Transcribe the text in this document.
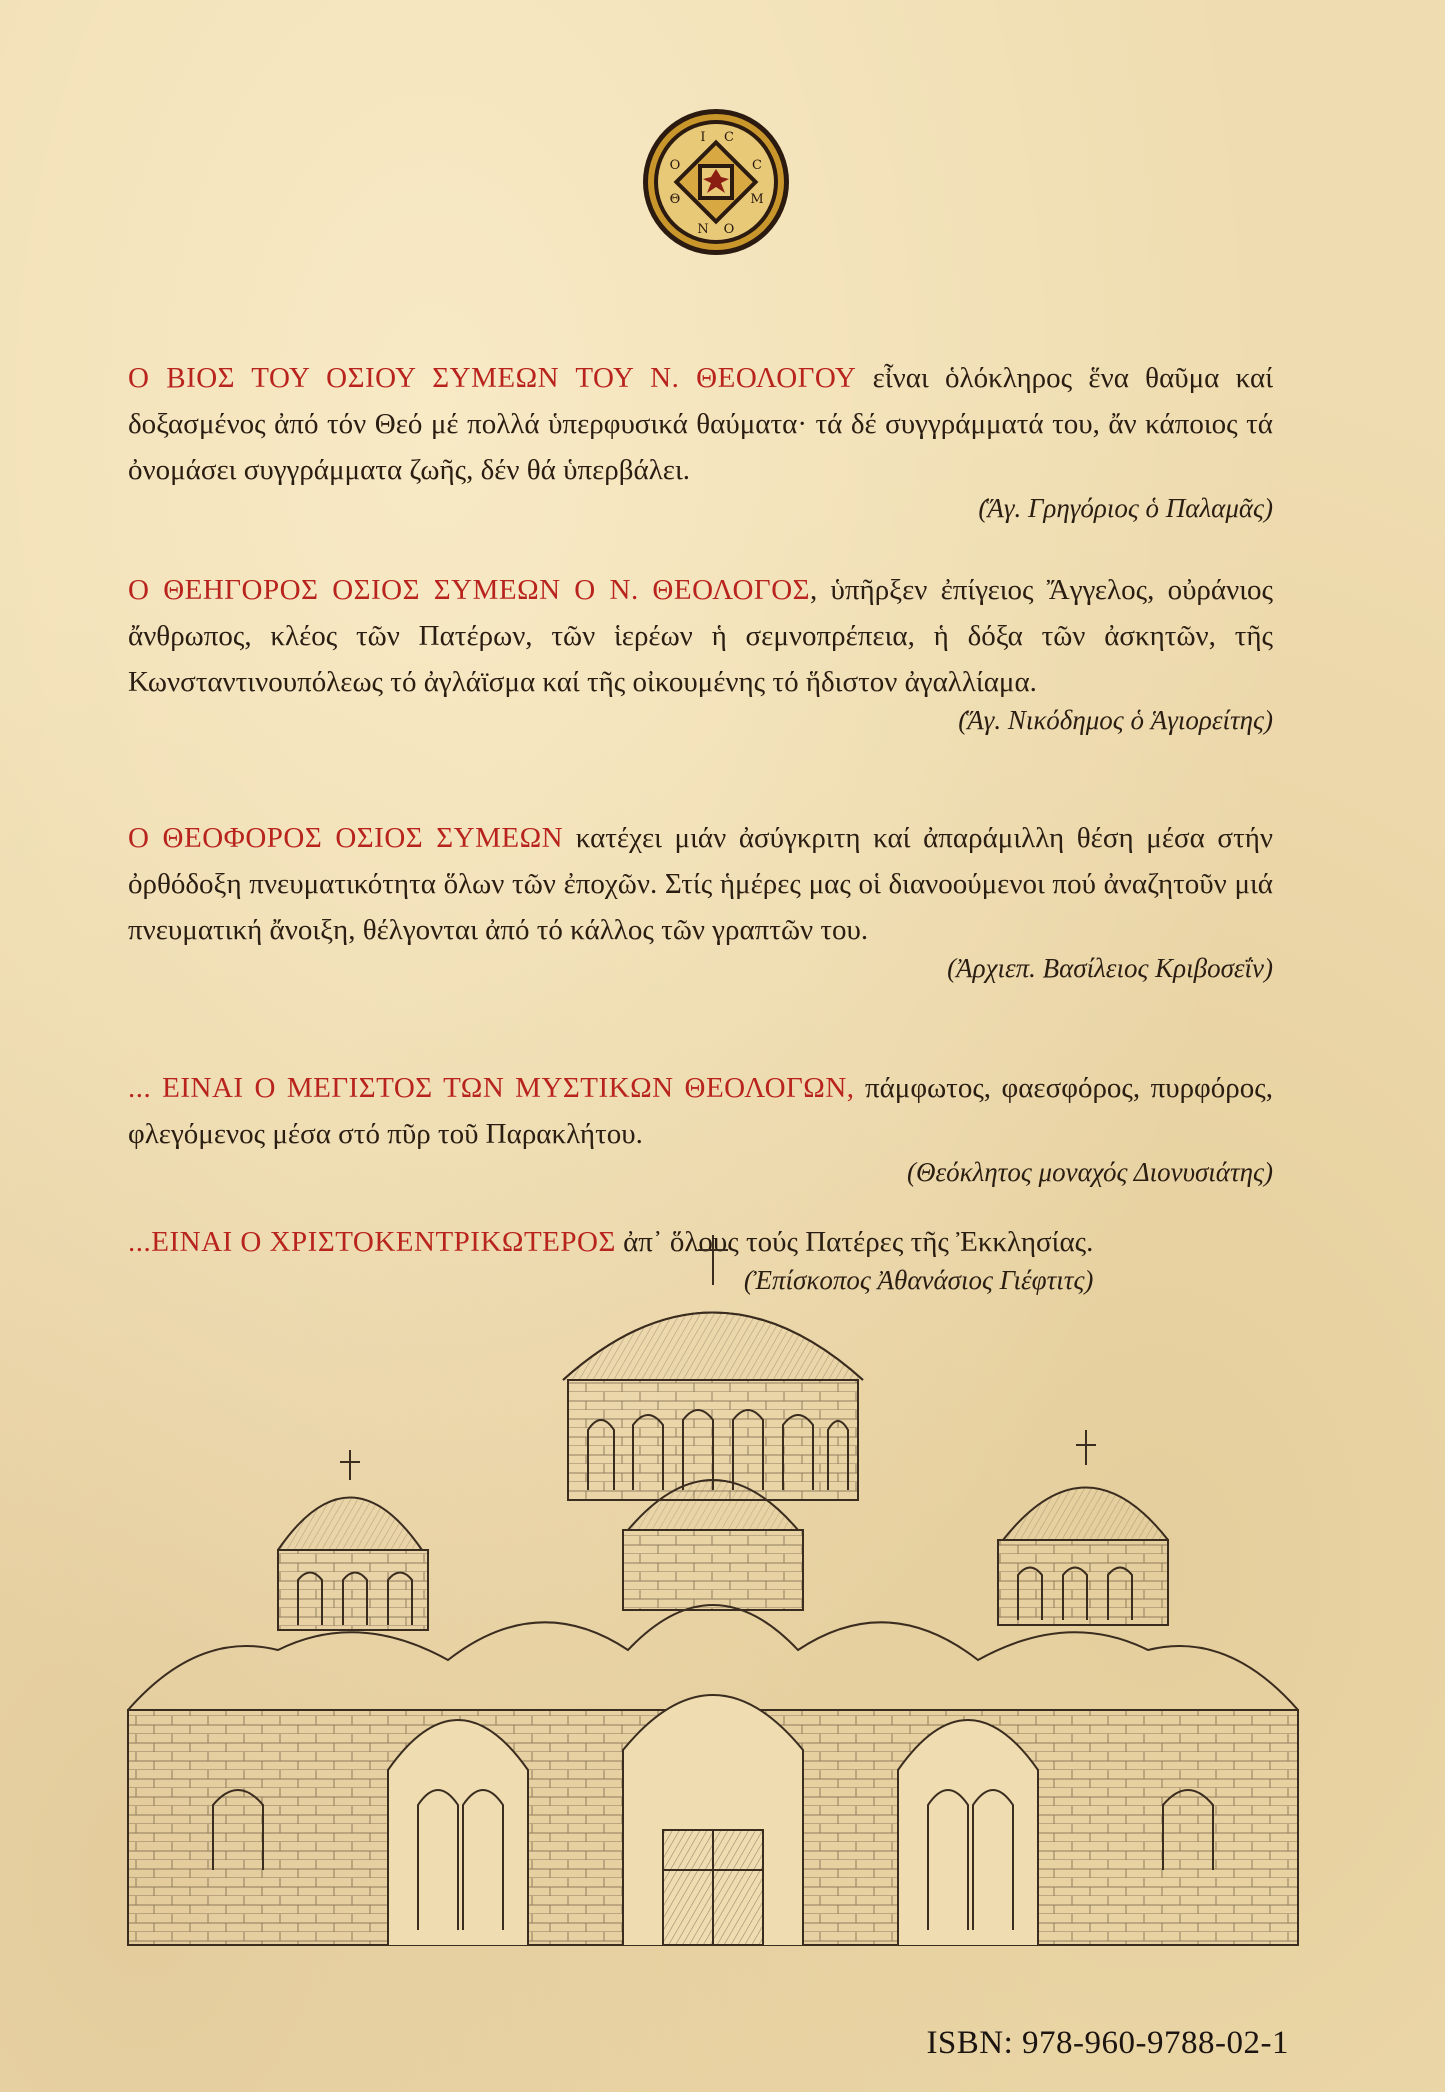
Ι C
C
Μ
Ο
Ν
Θ
Ο

Ο ΒΙΟΣ ΤΟΥ ΟΣΙΟΥ ΣΥΜΕΩΝ ΤΟΥ Ν. ΘΕΟΛΟΓΟΥ εἶναι ὁλόκληρος ἕνα θαῦμα καί δοξασμένος ἀπό τόν Θεό μέ πολλά ὑπερφυσικά θαύματα· τά δέ συγγράμματά του, ἄν κάποιος τά ὀνομάσει συγγράμματα ζωῆς, δέν θά ὑπερβάλει.

(Ἅγ. Γρηγόριος ὁ Παλαμᾶς)

Ο ΘΕΗΓΟΡΟΣ ΟΣΙΟΣ ΣΥΜΕΩΝ Ο Ν. ΘΕΟΛΟΓΟΣ, ὑπῆρξεν ἐπίγειος Ἄγγελος, οὐράνιος ἄνθρωπος, κλέος τῶν Πατέρων, τῶν ἱερέων ἡ σεμνοπρέπεια, ἡ δόξα τῶν ἀσκητῶν, τῆς Κωνσταντινουπόλεως τό ἀγλάϊσμα καί τῆς οἰκουμένης τό ἥδιστον ἀγαλλίαμα.

(Ἅγ. Νικόδημος ὁ Ἁγιορείτης)

Ο ΘΕΟΦΟΡΟΣ ΟΣΙΟΣ ΣΥΜΕΩΝ κατέχει μιάν ἀσύγκριτη καί ἀπαράμιλλη θέση μέσα στήν ὀρθόδοξη πνευματικότητα ὅλων τῶν ἐποχῶν. Στίς ἡμέρες μας οἱ διανοούμενοι πού ἀναζητοῦν μιά πνευματική ἄνοιξη, θέλγονται ἀπό τό κάλλος τῶν γραπτῶν του.

(Ἀρχιεπ. Βασίλειος Κριβοσεΐν)

... ΕΙΝΑΙ Ο ΜΕΓΙΣΤΟΣ ΤΩΝ ΜΥΣΤΙΚΩΝ ΘΕΟΛΟΓΩΝ, πάμφωτος, φαεσφόρος, πυρφόρος, φλεγόμενος μέσα στό πῦρ τοῦ Παρακλήτου.

(Θεόκλητος μοναχός Διονυσιάτης)

...ΕΙΝΑΙ Ο ΧΡΙΣΤΟΚΕΝΤΡΙΚΩΤΕΡΟΣ ἀπ᾿ ὅλους τούς Πατέρες τῆς Ἐκκλησίας.

(Ἐπίσκοπος Ἀθανάσιος Γιέφτιτς)
ISBN: 978-960-9788-02-1
